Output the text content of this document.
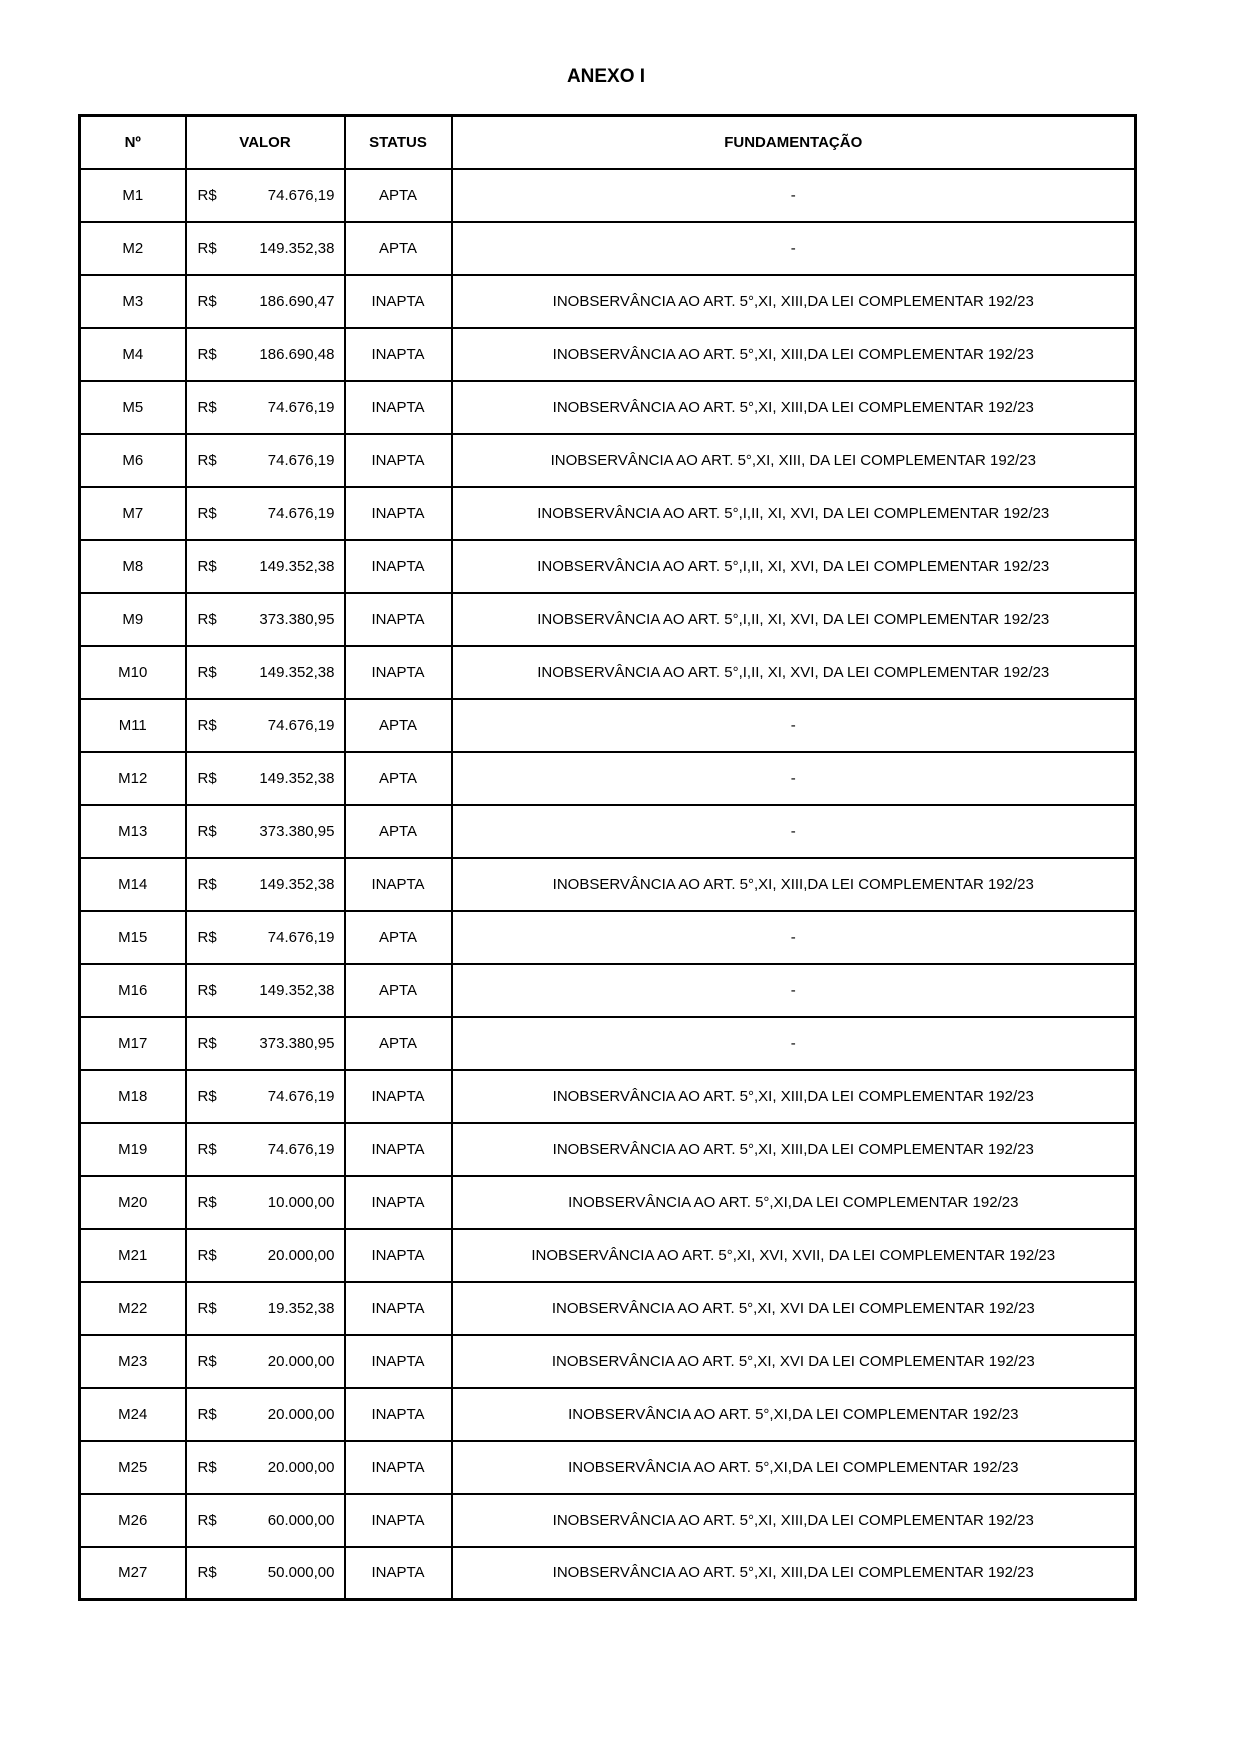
ANEXO I
Nº	VALOR	STATUS	FUNDAMENTAÇÃO
M1	R$ 74.676,19	APTA	-
M2	R$ 149.352,38	APTA	-
M3	R$ 186.690,47	INAPTA	INOBSERVÂNCIA AO ART. 5°,XI, XIII,DA LEI COMPLEMENTAR 192/23
M4	R$ 186.690,48	INAPTA	INOBSERVÂNCIA AO ART. 5°,XI, XIII,DA LEI COMPLEMENTAR 192/23
M5	R$ 74.676,19	INAPTA	INOBSERVÂNCIA AO ART. 5°,XI, XIII,DA LEI COMPLEMENTAR 192/23
M6	R$ 74.676,19	INAPTA	INOBSERVÂNCIA AO ART. 5°,XI, XIII, DA LEI COMPLEMENTAR 192/23
M7	R$ 74.676,19	INAPTA	INOBSERVÂNCIA AO ART. 5°,I,II, XI, XVI, DA LEI COMPLEMENTAR 192/23
M8	R$ 149.352,38	INAPTA	INOBSERVÂNCIA AO ART. 5°,I,II, XI, XVI, DA LEI COMPLEMENTAR 192/23
M9	R$ 373.380,95	INAPTA	INOBSERVÂNCIA AO ART. 5°,I,II, XI, XVI, DA LEI COMPLEMENTAR 192/23
M10	R$ 149.352,38	INAPTA	INOBSERVÂNCIA AO ART. 5°,I,II, XI, XVI, DA LEI COMPLEMENTAR 192/23
M11	R$ 74.676,19	APTA	-
M12	R$ 149.352,38	APTA	-
M13	R$ 373.380,95	APTA	-
M14	R$ 149.352,38	INAPTA	INOBSERVÂNCIA AO ART. 5°,XI, XIII,DA LEI COMPLEMENTAR 192/23
M15	R$ 74.676,19	APTA	-
M16	R$ 149.352,38	APTA	-
M17	R$ 373.380,95	APTA	-
M18	R$ 74.676,19	INAPTA	INOBSERVÂNCIA AO ART. 5°,XI, XIII,DA LEI COMPLEMENTAR 192/23
M19	R$ 74.676,19	INAPTA	INOBSERVÂNCIA AO ART. 5°,XI, XIII,DA LEI COMPLEMENTAR 192/23
M20	R$ 10.000,00	INAPTA	INOBSERVÂNCIA AO ART. 5°,XI,DA LEI COMPLEMENTAR 192/23
M21	R$ 20.000,00	INAPTA	INOBSERVÂNCIA AO ART. 5°,XI, XVI, XVII, DA LEI COMPLEMENTAR 192/23
M22	R$ 19.352,38	INAPTA	INOBSERVÂNCIA AO ART. 5°,XI, XVI DA LEI COMPLEMENTAR 192/23
M23	R$ 20.000,00	INAPTA	INOBSERVÂNCIA AO ART. 5°,XI, XVI DA LEI COMPLEMENTAR 192/23
M24	R$ 20.000,00	INAPTA	INOBSERVÂNCIA AO ART. 5°,XI,DA LEI COMPLEMENTAR 192/23
M25	R$ 20.000,00	INAPTA	INOBSERVÂNCIA AO ART. 5°,XI,DA LEI COMPLEMENTAR 192/23
M26	R$ 60.000,00	INAPTA	INOBSERVÂNCIA AO ART. 5°,XI, XIII,DA LEI COMPLEMENTAR 192/23
M27	R$ 50.000,00	INAPTA	INOBSERVÂNCIA AO ART. 5°,XI, XIII,DA LEI COMPLEMENTAR 192/23
